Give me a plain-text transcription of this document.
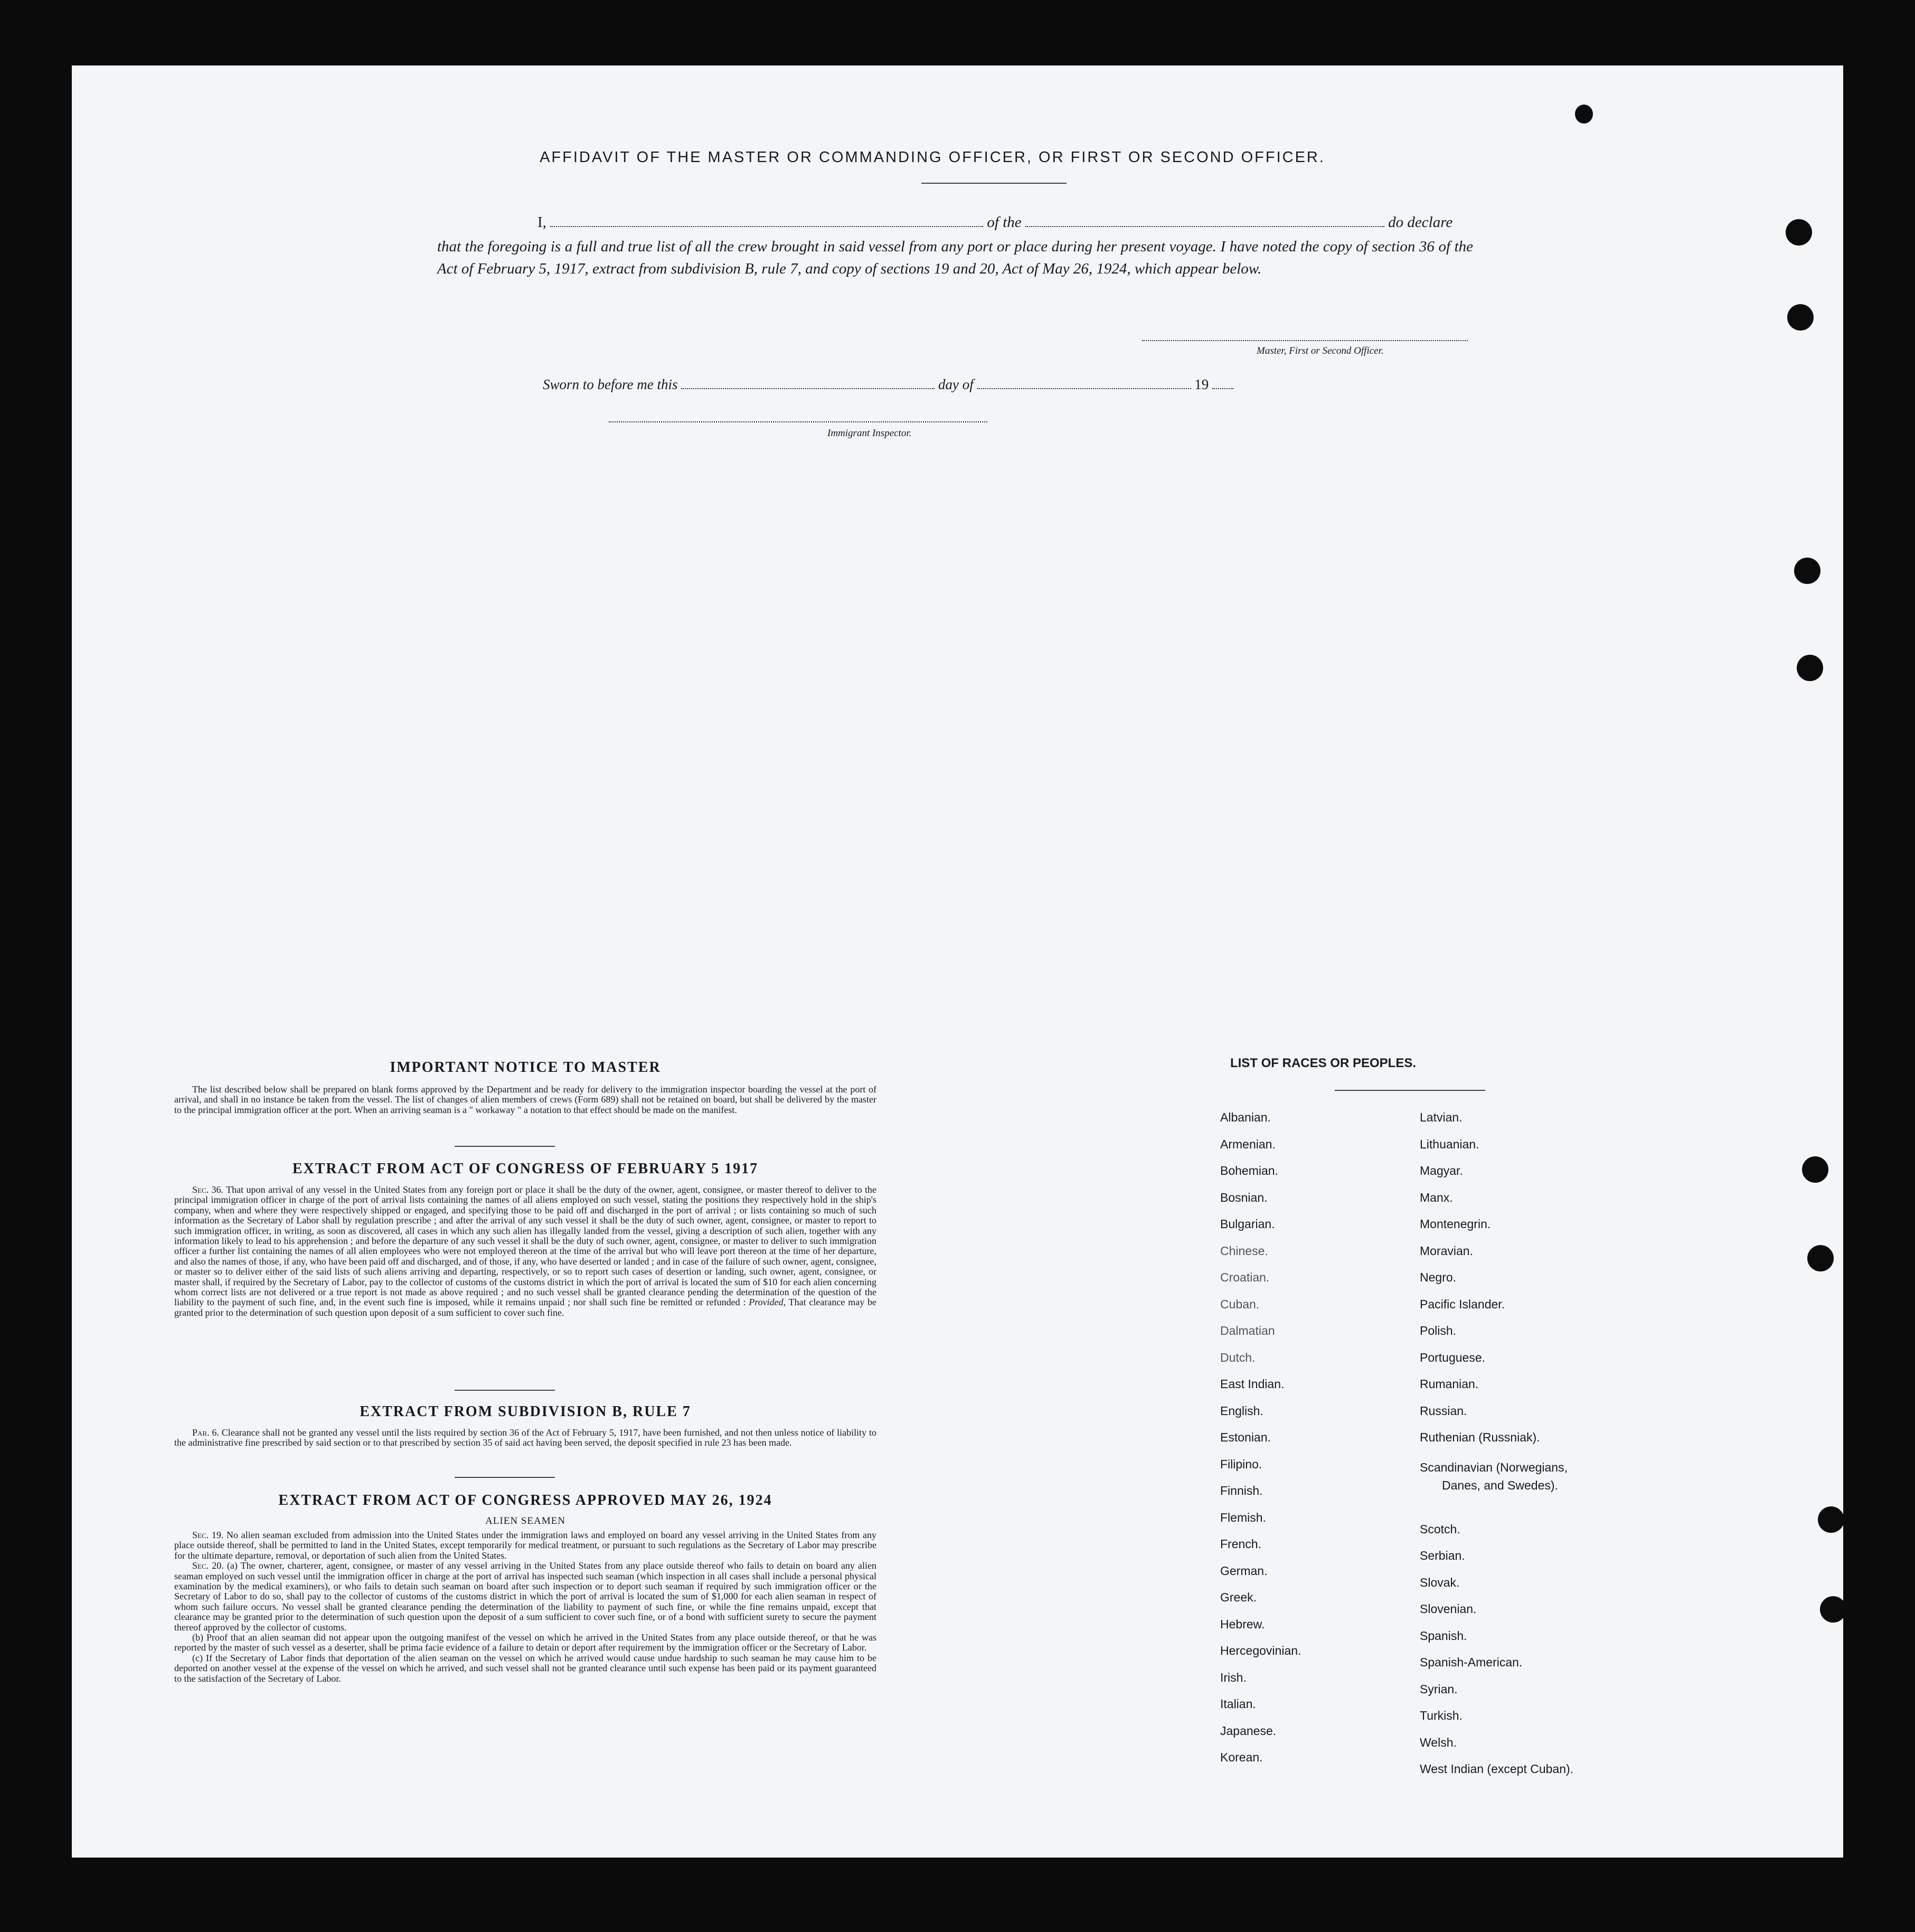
AFFIDAVIT OF THE MASTER OR COMMANDING OFFICER, OR FIRST OR SECOND OFFICER.
I,	of the	do declare
that the foregoing is a full and true list of all the crew brought in said vessel from any port or place during her present voyage. I have noted the copy of section 36 of the Act of February 5, 1917, extract from subdivision B, rule 7, and copy of sections 19 and 20, Act of May 26, 1924, which appear below.
Master, First or Second Officer.
Sworn to before me this	day of	19
Immigrant Inspector.
IMPORTANT NOTICE TO MASTER
The list described below shall be prepared on blank forms approved by the Department and be ready for delivery to the immigration inspector boarding the vessel at the port of arrival, and shall in no instance be taken from the vessel. The list of changes of alien members of crews (Form 689) shall not be retained on board, but shall be delivered by the master to the principal immigration officer at the port. When an arriving seaman is a " workaway " a notation to that effect should be made on the manifest.
EXTRACT FROM ACT OF CONGRESS OF FEBRUARY 5 1917
Sec. 36. That upon arrival of any vessel in the United States from any foreign port or place it shall be the duty of the owner, agent, consignee, or master thereof to deliver to the principal immigration officer in charge of the port of arrival lists containing the names of all aliens employed on such vessel, stating the positions they respectively hold in the ship's company, when and where they were respectively shipped or engaged, and specifying those to be paid off and discharged in the port of arrival ; or lists containing so much of such information as the Secretary of Labor shall by regulation prescribe ; and after the arrival of any such vessel it shall be the duty of such owner, agent, consignee, or master to report to such immigration officer, in writing, as soon as discovered, all cases in which any such alien has illegally landed from the vessel, giving a description of such alien, together with any information likely to lead to his apprehension ; and before the departure of any such vessel it shall be the duty of such owner, agent, consignee, or master to deliver to such immigration officer a further list containing the names of all alien employees who were not employed thereon at the time of the arrival but who will leave port thereon at the time of her departure, and also the names of those, if any, who have been paid off and discharged, and of those, if any, who have deserted or landed ; and in case of the failure of such owner, agent, consignee, or master so to deliver either of the said lists of such aliens arriving and departing, respectively, or so to report such cases of desertion or landing, such owner, agent, consignee, or master shall, if required by the Secretary of Labor, pay to the collector of customs of the customs district in which the port of arrival is located the sum of $10 for each alien concerning whom correct lists are not delivered or a true report is not made as above required ; and no such vessel shall be granted clearance pending the determination of the question of the liability to the payment of such fine, and, in the event such fine is imposed, while it remains unpaid ; nor shall such fine be remitted or refunded : Provided, That clearance may be granted prior to the determination of such question upon deposit of a sum sufficient to cover such fine.
EXTRACT FROM SUBDIVISION B, RULE 7
Par. 6. Clearance shall not be granted any vessel until the lists required by section 36 of the Act of February 5, 1917, have been furnished, and not then unless notice of liability to the administrative fine prescribed by said section or to that prescribed by section 35 of said act having been served, the deposit specified in rule 23 has been made.
EXTRACT FROM ACT OF CONGRESS APPROVED MAY 26, 1924
ALIEN SEAMEN
Sec. 19. No alien seaman excluded from admission into the United States under the immigration laws and employed on board any vessel arriving in the United States from any place outside thereof, shall be permitted to land in the United States, except temporarily for medical treatment, or pursuant to such regulations as the Secretary of Labor may prescribe for the ultimate departure, removal, or deportation of such alien from the United States.
Sec. 20. (a) The owner, charterer, agent, consignee, or master of any vessel arriving in the United States from any place outside thereof who fails to detain on board any alien seaman employed on such vessel until the immigration officer in charge at the port of arrival has inspected such seaman (which inspection in all cases shall include a personal physical examination by the medical examiners), or who fails to detain such seaman on board after such inspection or to deport such seaman if required by such immigration officer or the Secretary of Labor to do so, shall pay to the collector of customs of the customs district in which the port of arrival is located the sum of $1,000 for each alien seaman in respect of whom such failure occurs. No vessel shall be granted clearance pending the determination of the liability to payment of such fine, or while the fine remains unpaid, except that clearance may be granted prior to the determination of such question upon the deposit of a sum sufficient to cover such fine, or of a bond with sufficient surety to secure the payment thereof approved by the collector of customs.
(b) Proof that an alien seaman did not appear upon the outgoing manifest of the vessel on which he arrived in the United States from any place outside thereof, or that he was reported by the master of such vessel as a deserter, shall be prima facie evidence of a failure to detain or deport after requirement by the immigration officer or the Secretary of Labor.
(c) If the Secretary of Labor finds that deportation of the alien seaman on the vessel on which he arrived would cause undue hardship to such seaman he may cause him to be deported on another vessel at the expense of the vessel on which he arrived, and such vessel shall not be granted clearance until such expense has been paid or its payment guaranteed to the satisfaction of the Secretary of Labor.
LIST OF RACES OR PEOPLES.
Albanian.
Armenian.
Bohemian.
Bosnian.
Bulgarian.
Chinese.
Croatian.
Cuban.
Dalmatian
Dutch.
East Indian.
English.
Estonian.
Filipino.
Finnish.
Flemish.
French.
German.
Greek.
Hebrew.
Hercegovinian.
Irish.
Italian.
Japanese.
Korean.
Latvian.
Lithuanian.
Magyar.
Manx.
Montenegrin.
Moravian.
Negro.
Pacific Islander.
Polish.
Portuguese.
Rumanian.
Russian.
Ruthenian (Russniak).
Scandinavian (Norwegians,
Danes, and Swedes).
Scotch.
Serbian.
Slovak.
Slovenian.
Spanish.
Spanish-American.
Syrian.
Turkish.
Welsh.
West Indian (except Cuban).
